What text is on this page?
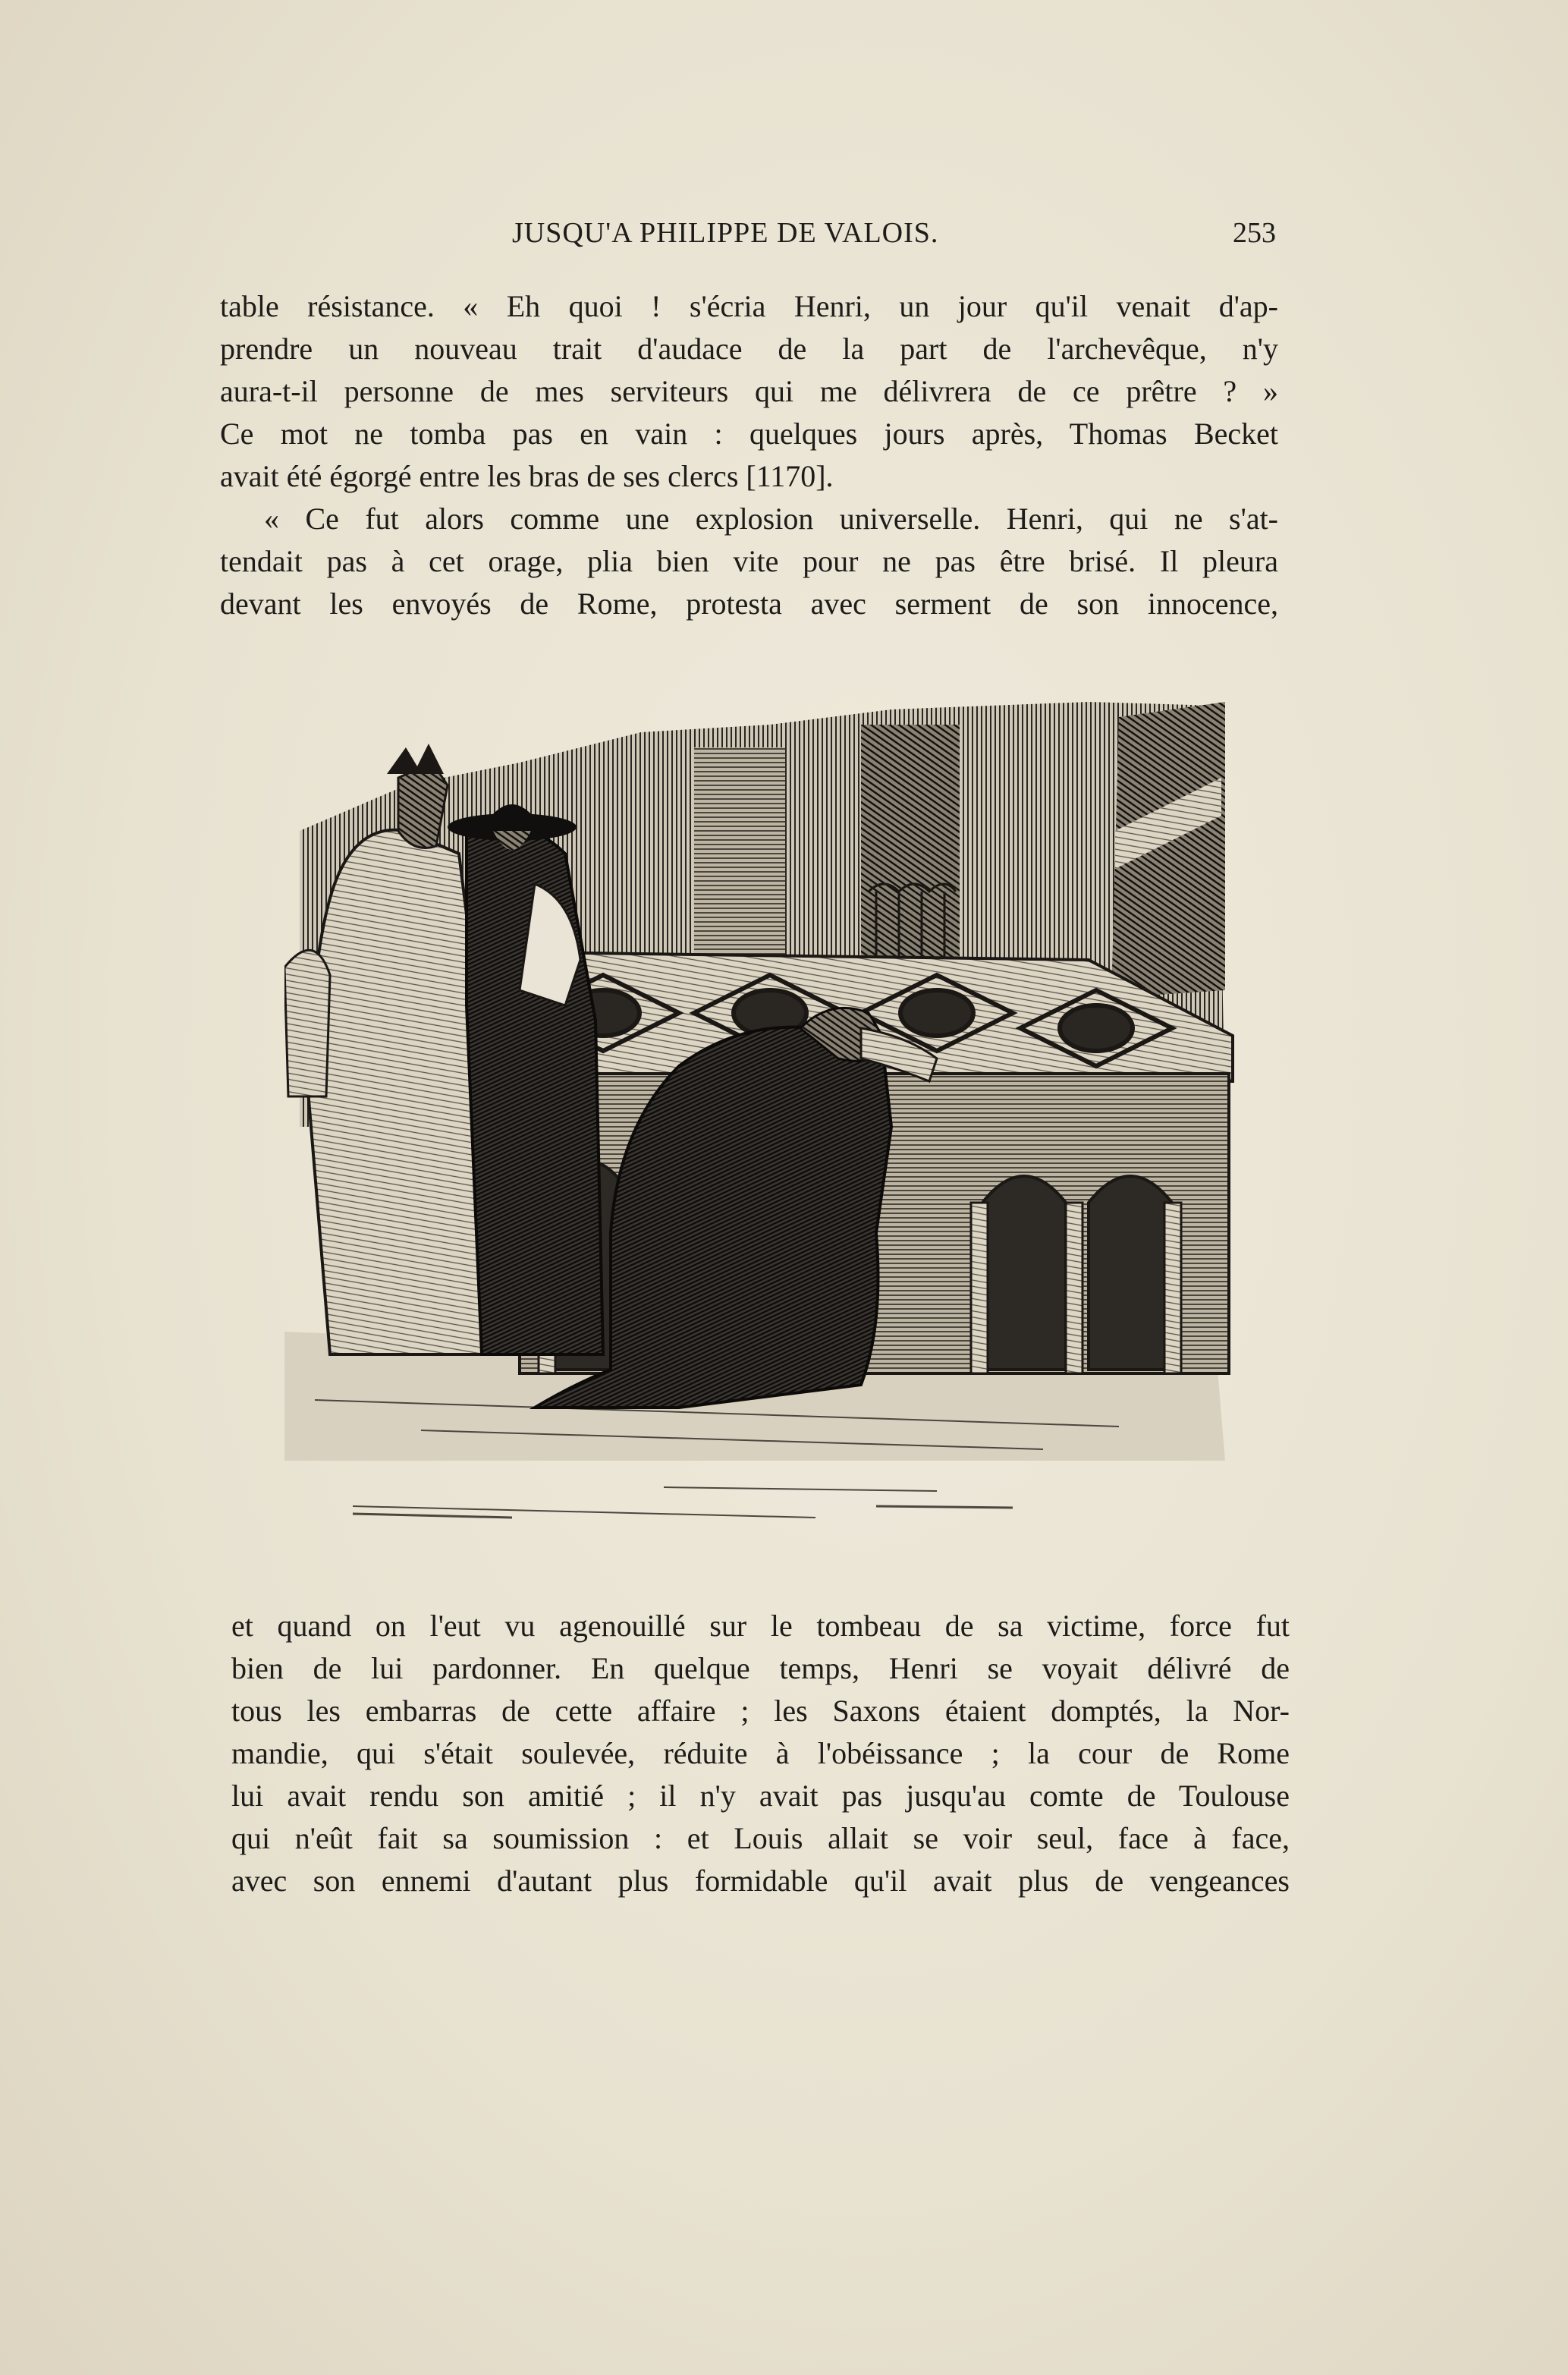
JUSQU'A PHILIPPE DE VALOIS.	253
table résistance. « Eh quoi ! s'écria Henri, un jour qu'il venait d'ap-
prendre un nouveau trait d'audace de la part de l'archevêque, n'y
aura-t-il personne de mes serviteurs qui me délivrera de ce prêtre ? »
Ce mot ne tomba pas en vain : quelques jours après, Thomas Becket
avait été égorgé entre les bras de ses clercs [1170].
« Ce fut alors comme une explosion universelle. Henri, qui ne s'at-
tendait pas à cet orage, plia bien vite pour ne pas être brisé. Il pleura
devant les envoyés de Rome, protesta avec serment de son innocence,
et quand on l'eut vu agenouillé sur le tombeau de sa victime, force fut
bien de lui pardonner. En quelque temps, Henri se voyait délivré de
tous les embarras de cette affaire ; les Saxons étaient domptés, la Nor-
mandie, qui s'était soulevée, réduite à l'obéissance ; la cour de Rome
lui avait rendu son amitié ; il n'y avait pas jusqu'au comte de Toulouse
qui n'eût fait sa soumission : et Louis allait se voir seul, face à face,
avec son ennemi d'autant plus formidable qu'il avait plus de vengeances
